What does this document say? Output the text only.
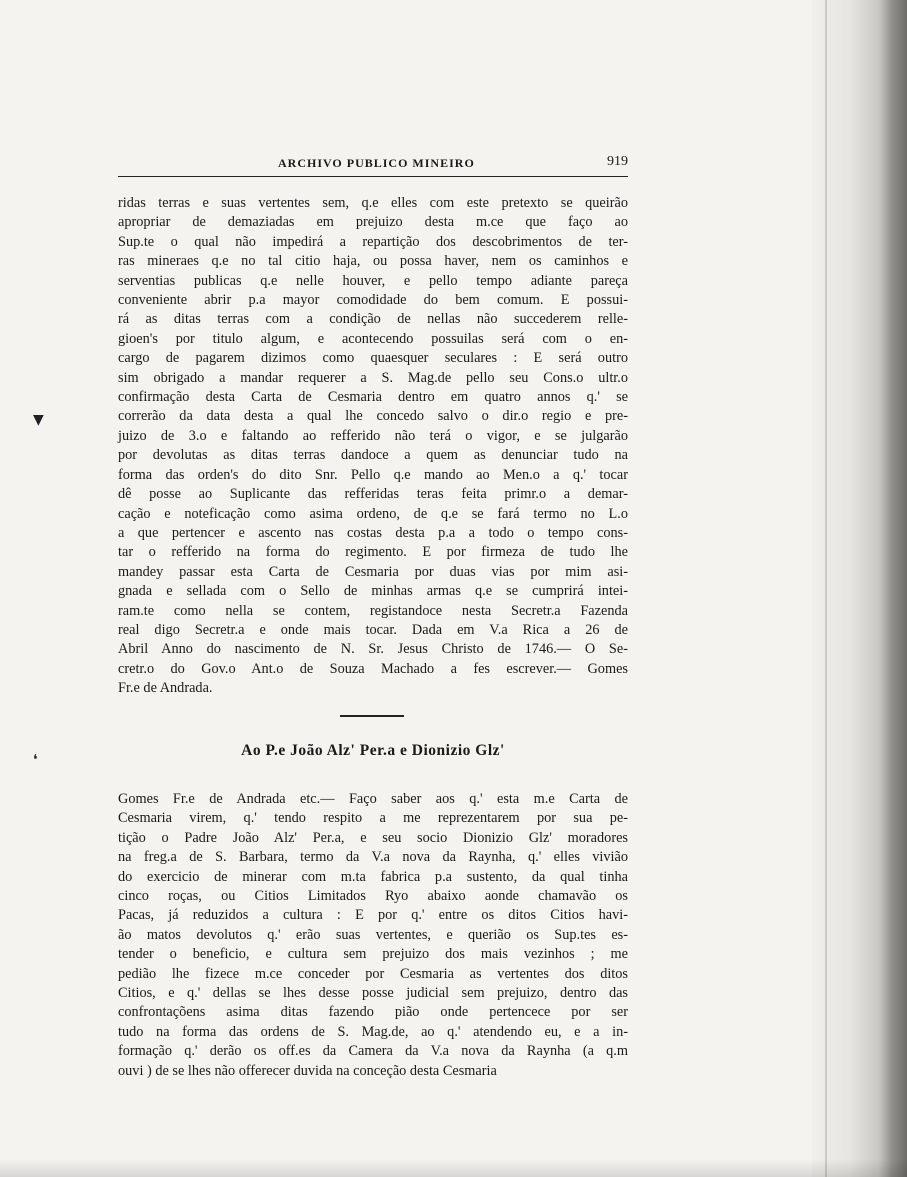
▼
❛
ARCHIVO PUBLICO MINEIRO	919
ridas terras e suas vertentes sem, q.e elles com este pretexto se queirão
apropriar de demaziadas em prejuizo desta m.ce que faço ao
Sup.te o qual não impedirá a repartição dos descobrimentos de ter-
ras mineraes q.e no tal citio haja, ou possa haver, nem os caminhos e
serventias publicas q.e nelle houver, e pello tempo adiante pareça
conveniente abrir p.a mayor comodidade do bem comum. E possui-
rá as ditas terras com a condição de nellas não succederem relle-
gioen's por titulo algum, e acontecendo possuilas será com o en-
cargo de pagarem dizimos como quaesquer seculares : E será outro
sim obrigado a mandar requerer a S. Mag.de pello seu Cons.o ultr.o
confirmação desta Carta de Cesmaria dentro em quatro annos q.' se
correrão da data desta a qual lhe concedo salvo o dir.o regio e pre-
juizo de 3.o e faltando ao refferido não terá o vigor, e se julgarão
por devolutas as ditas terras dandoce a quem as denunciar tudo na
forma das orden's do dito Snr. Pello q.e mando ao Men.o a q.' tocar
dê posse ao Suplicante das refferidas teras feita primr.o a demar-
cação e noteficação como asima ordeno, de q.e se fará termo no L.o
a que pertencer e ascento nas costas desta p.a a todo o tempo cons-
tar o refferido na forma do regimento. E por firmeza de tudo lhe
mandey passar esta Carta de Cesmaria por duas vias por mim asi-
gnada e sellada com o Sello de minhas armas q.e se cumprirá intei-
ram.te como nella se contem, registandoce nesta Secretr.a Fazenda
real digo Secretr.a e onde mais tocar. Dada em V.a Rica a 26 de
Abril Anno do nascimento de N. Sr. Jesus Christo de 1746.— O Se-
cretr.o do Gov.o Ant.o de Souza Machado a fes escrever.— Gomes
Fr.e de Andrada.
Ao P.e João Alz' Per.a e Dionizio Glz'
Gomes Fr.e de Andrada etc.— Faço saber aos q.' esta m.e Carta de
Cesmaria virem, q.' tendo respito a me reprezentarem por sua pe-
tição o Padre João Alz' Per.a, e seu socio Dionizio Glz' moradores
na freg.a de S. Barbara, termo da V.a nova da Raynha, q.' elles vivião
do exercicio de minerar com m.ta fabrica p.a sustento, da qual tinha
cinco roças, ou Citios Limitados Ryo abaixo aonde chamavão os
Pacas, já reduzidos a cultura : E por q.' entre os ditos Citios havi-
ão matos devolutos q.' erão suas vertentes, e querião os Sup.tes es-
tender o beneficio, e cultura sem prejuizo dos mais vezinhos ; me
pedião lhe fizece m.ce conceder por Cesmaria as vertentes dos ditos
Citios, e q.' dellas se lhes desse posse judicial sem prejuizo, dentro das
confrontaçõens asima ditas fazendo pião onde pertencece por ser
tudo na forma das ordens de S. Mag.de, ao q.' atendendo eu, e a in-
formação q.' derão os off.es da Camera da V.a nova da Raynha (a q.m
ouvi ) de se lhes não offerecer duvida na conceção desta Cesmaria
